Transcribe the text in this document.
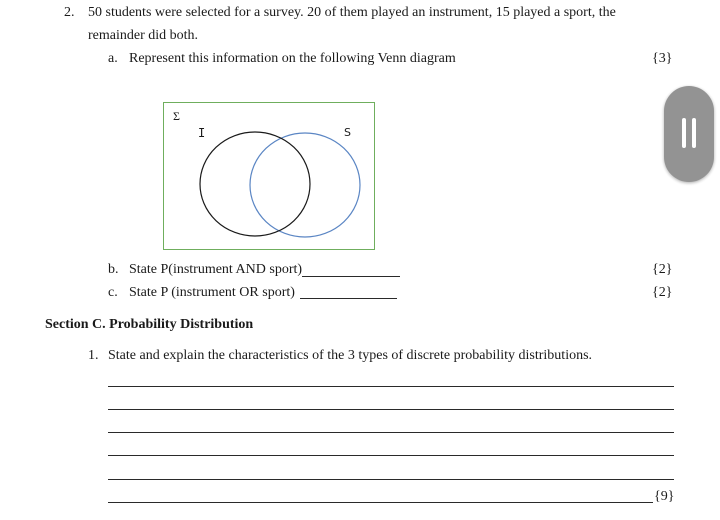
2. 50 students were selected for a survey. 20 of them played an instrument, 15 played a sport, the
remainder did both.
a. Represent this information on the following Venn diagram	{3}
Σ
I	S
b. State P(instrument AND sport)	{2}
c. State P (instrument OR sport)	{2}
Section C. Probability Distribution
1. State and explain the characteristics of the 3 types of discrete probability distributions.
{9}
